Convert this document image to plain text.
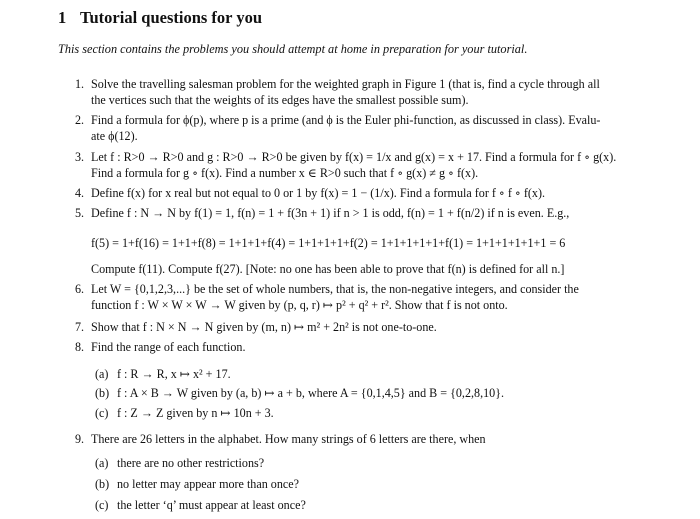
1 Tutorial questions for you
This section contains the problems you should attempt at home in preparation for your tutorial.
1. Solve the travelling salesman problem for the weighted graph in Figure 1 (that is, find a cycle through all
the vertices such that the weights of its edges have the smallest possible sum).
2. Find a formula for ϕ(p), where p is a prime (and ϕ is the Euler phi-function, as discussed in class). Evalu-
ate ϕ(12).
3. Let f : R>0 → R>0 and g : R>0 → R>0 be given by f(x) = 1/x and g(x) = x + 17. Find a formula for f ∘ g(x).
Find a formula for g ∘ f(x). Find a number x ∈ R>0 such that f ∘ g(x) ≠ g ∘ f(x).
4. Define f(x) for x real but not equal to 0 or 1 by f(x) = 1 − (1/x). Find a formula for f ∘ f ∘ f(x).
5. Define f : N → N by f(1) = 1, f(n) = 1 + f(3n + 1) if n > 1 is odd, f(n) = 1 + f(n/2) if n is even. E.g.,
f(5) = 1+f(16) = 1+1+f(8) = 1+1+1+f(4) = 1+1+1+1+f(2) = 1+1+1+1+1+f(1) = 1+1+1+1+1+1 = 6
Compute f(11). Compute f(27). [Note: no one has been able to prove that f(n) is defined for all n.]
6. Let W = {0,1,2,3,...} be the set of whole numbers, that is, the non-negative integers, and consider the
function f : W × W × W → W given by (p, q, r) ↦ p² + q² + r². Show that f is not onto.
7. Show that f : N × N → N given by (m, n) ↦ m² + 2n² is not one-to-one.
8. Find the range of each function.
(a) f : R → R, x ↦ x² + 17.
(b) f : A × B → W given by (a, b) ↦ a + b, where A = {0,1,4,5} and B = {0,2,8,10}.
(c) f : Z → Z given by n ↦ 10n + 3.
9. There are 26 letters in the alphabet. How many strings of 6 letters are there, when
(a) there are no other restrictions?
(b) no letter may appear more than once?
(c) the letter ‘q’ must appear at least once?
